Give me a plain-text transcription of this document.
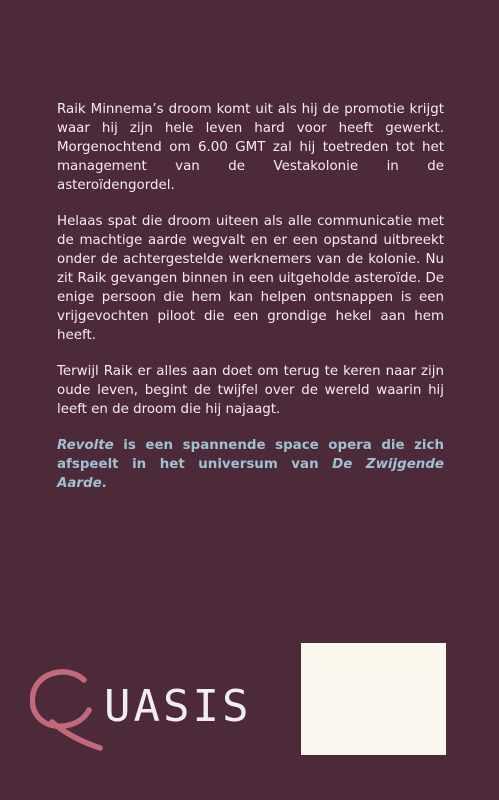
Raik Minnema’s droom komt uit als hij de promotie krijgt waar hij zijn hele leven hard voor heeft gewerkt. Morgenochtend om 6.00 GMT zal hij toetreden tot het management van de Vestakolonie in de asteroïdengordel.

Helaas spat die droom uiteen als alle communicatie met de machtige aarde wegvalt en er een opstand uitbreekt onder de achtergestelde werknemers van de kolonie. Nu zit Raik gevangen binnen in een uitgeholde asteroïde. De enige persoon die hem kan helpen ontsnappen is een vrijgevochten piloot die een grondige hekel aan hem heeft.

Terwijl Raik er alles aan doet om terug te keren naar zijn oude leven, begint de twijfel over de wereld waarin hij leeft en de droom die hij najaagt.

Revolte is een spannende space opera die zich afspeelt in het universum van De Zwijgende Aarde.

UASIS
